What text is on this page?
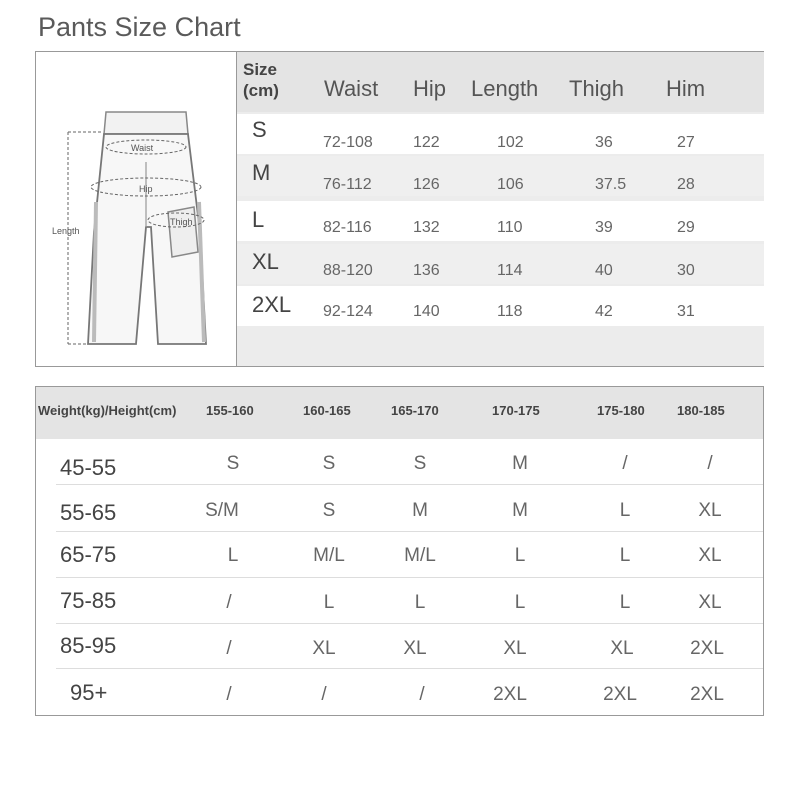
Pants Size Chart
Waist
Hip
Thigh
Length
Size
(cm) Waist Hip Length Thigh Him
S
72-108	122	102	36	27
M	76-112	126	106	37.5	28
L	82-116	132	110	39	29
XL	88-120	136	114	40	30
2XL 92-124	140	118	42	31
Weight(kg)/Height(cm) 155-160	160-165	165-170	170-175	175-180 180-185
45-55	S	S	S	M	/	/
55-65	S/M	S	M	M	L	XL
65-75	L	M/L	M/L	L	L	XL
75-85	/	L	L	L	L	XL
85-95	/	XL	XL	XL	XL	2XL
95+	/	/	/	2XL	2XL	2XL
